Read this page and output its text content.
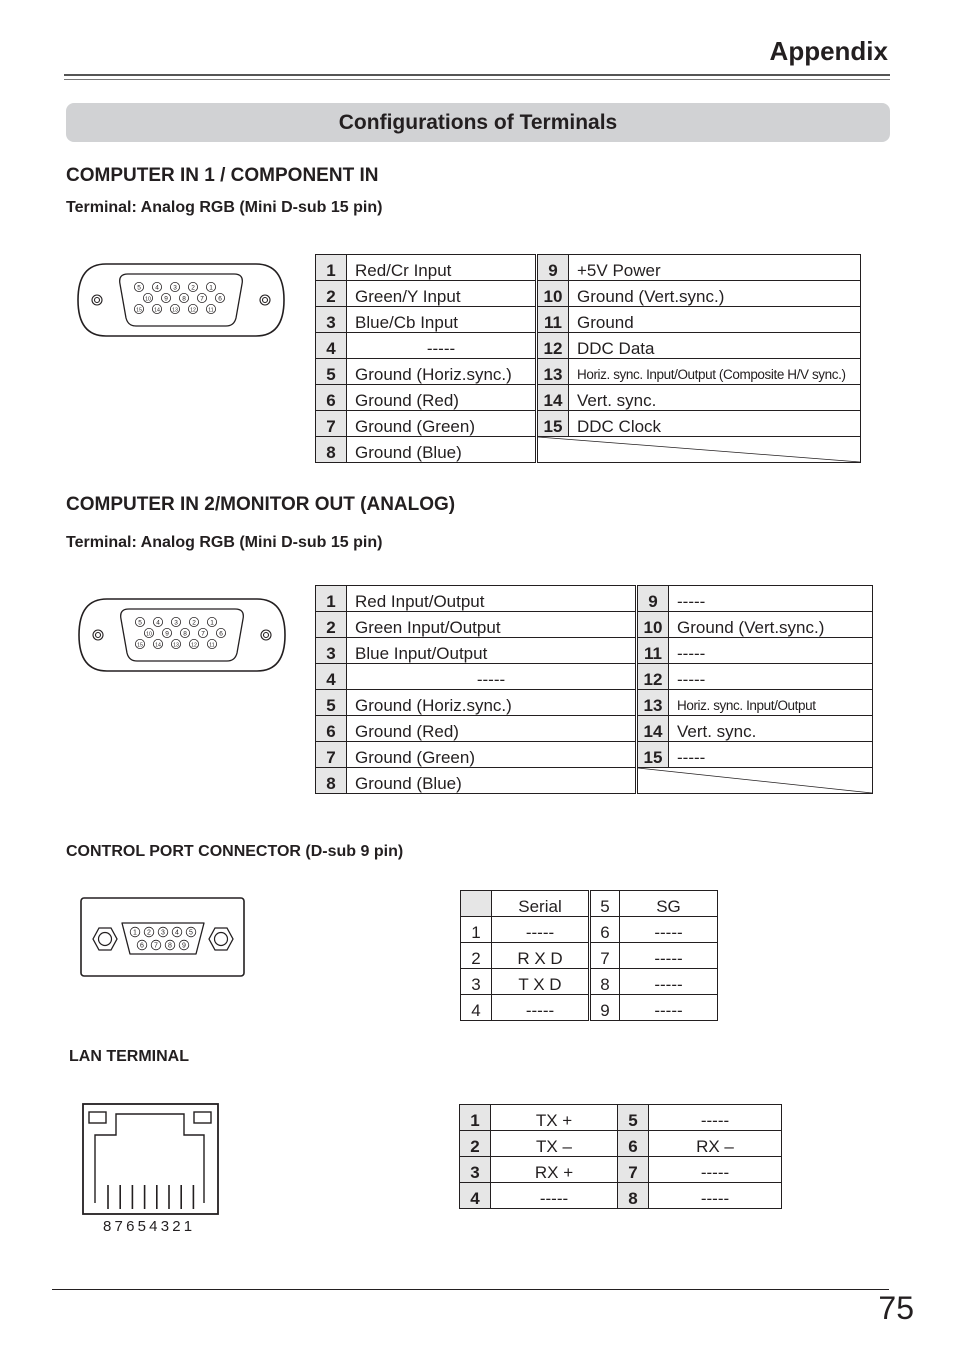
Appendix
Configurations of Terminals
COMPUTER IN 1 / COMPONENT IN
Terminal: Analog RGB (Mini D-sub 15 pin)
5 4 3 2 1
10 9 8 7 6
15 14 13 12 11
1	Red/Cr Input	9	+5V Power
2	Green/Y Input	10	Ground (Vert.sync.)
3	Blue/Cb Input	11	Ground
4	-----	12	DDC Data
5	Ground (Horiz.sync.)	13	Horiz. sync. Input/Output (Composite H/V sync.)
6	Ground (Red)	14	Vert. sync.
7	Ground (Green)	15	DDC Clock
8	Ground (Blue)	
COMPUTER IN 2/MONITOR OUT (ANALOG)
Terminal: Analog RGB (Mini D-sub 15 pin)
5 4 3 2 1
10 9 8 7 6
15 14 13 12 11
1	Red Input/Output	9	-----
2	Green Input/Output	10	Ground (Vert.sync.)
3	Blue Input/Output	11	-----
4	-----	12	-----
5	Ground (Horiz.sync.)	13	Horiz. sync. Input/Output
6	Ground (Red)	14	Vert. sync.
7	Ground (Green)	15	-----
8	Ground (Blue)	
CONTROL PORT CONNECTOR (D-sub 9 pin)
1 2 3 4 5
6 7 8 9
	Serial	5	SG
1	-----	6	-----
2	R X D	7	-----
3	T X D	8	-----
4	-----	9	-----
LAN TERMINAL
87654321
1	TX +	5	-----
2	TX –	6	RX –
3	RX +	7	-----
4	-----	8	-----
75
